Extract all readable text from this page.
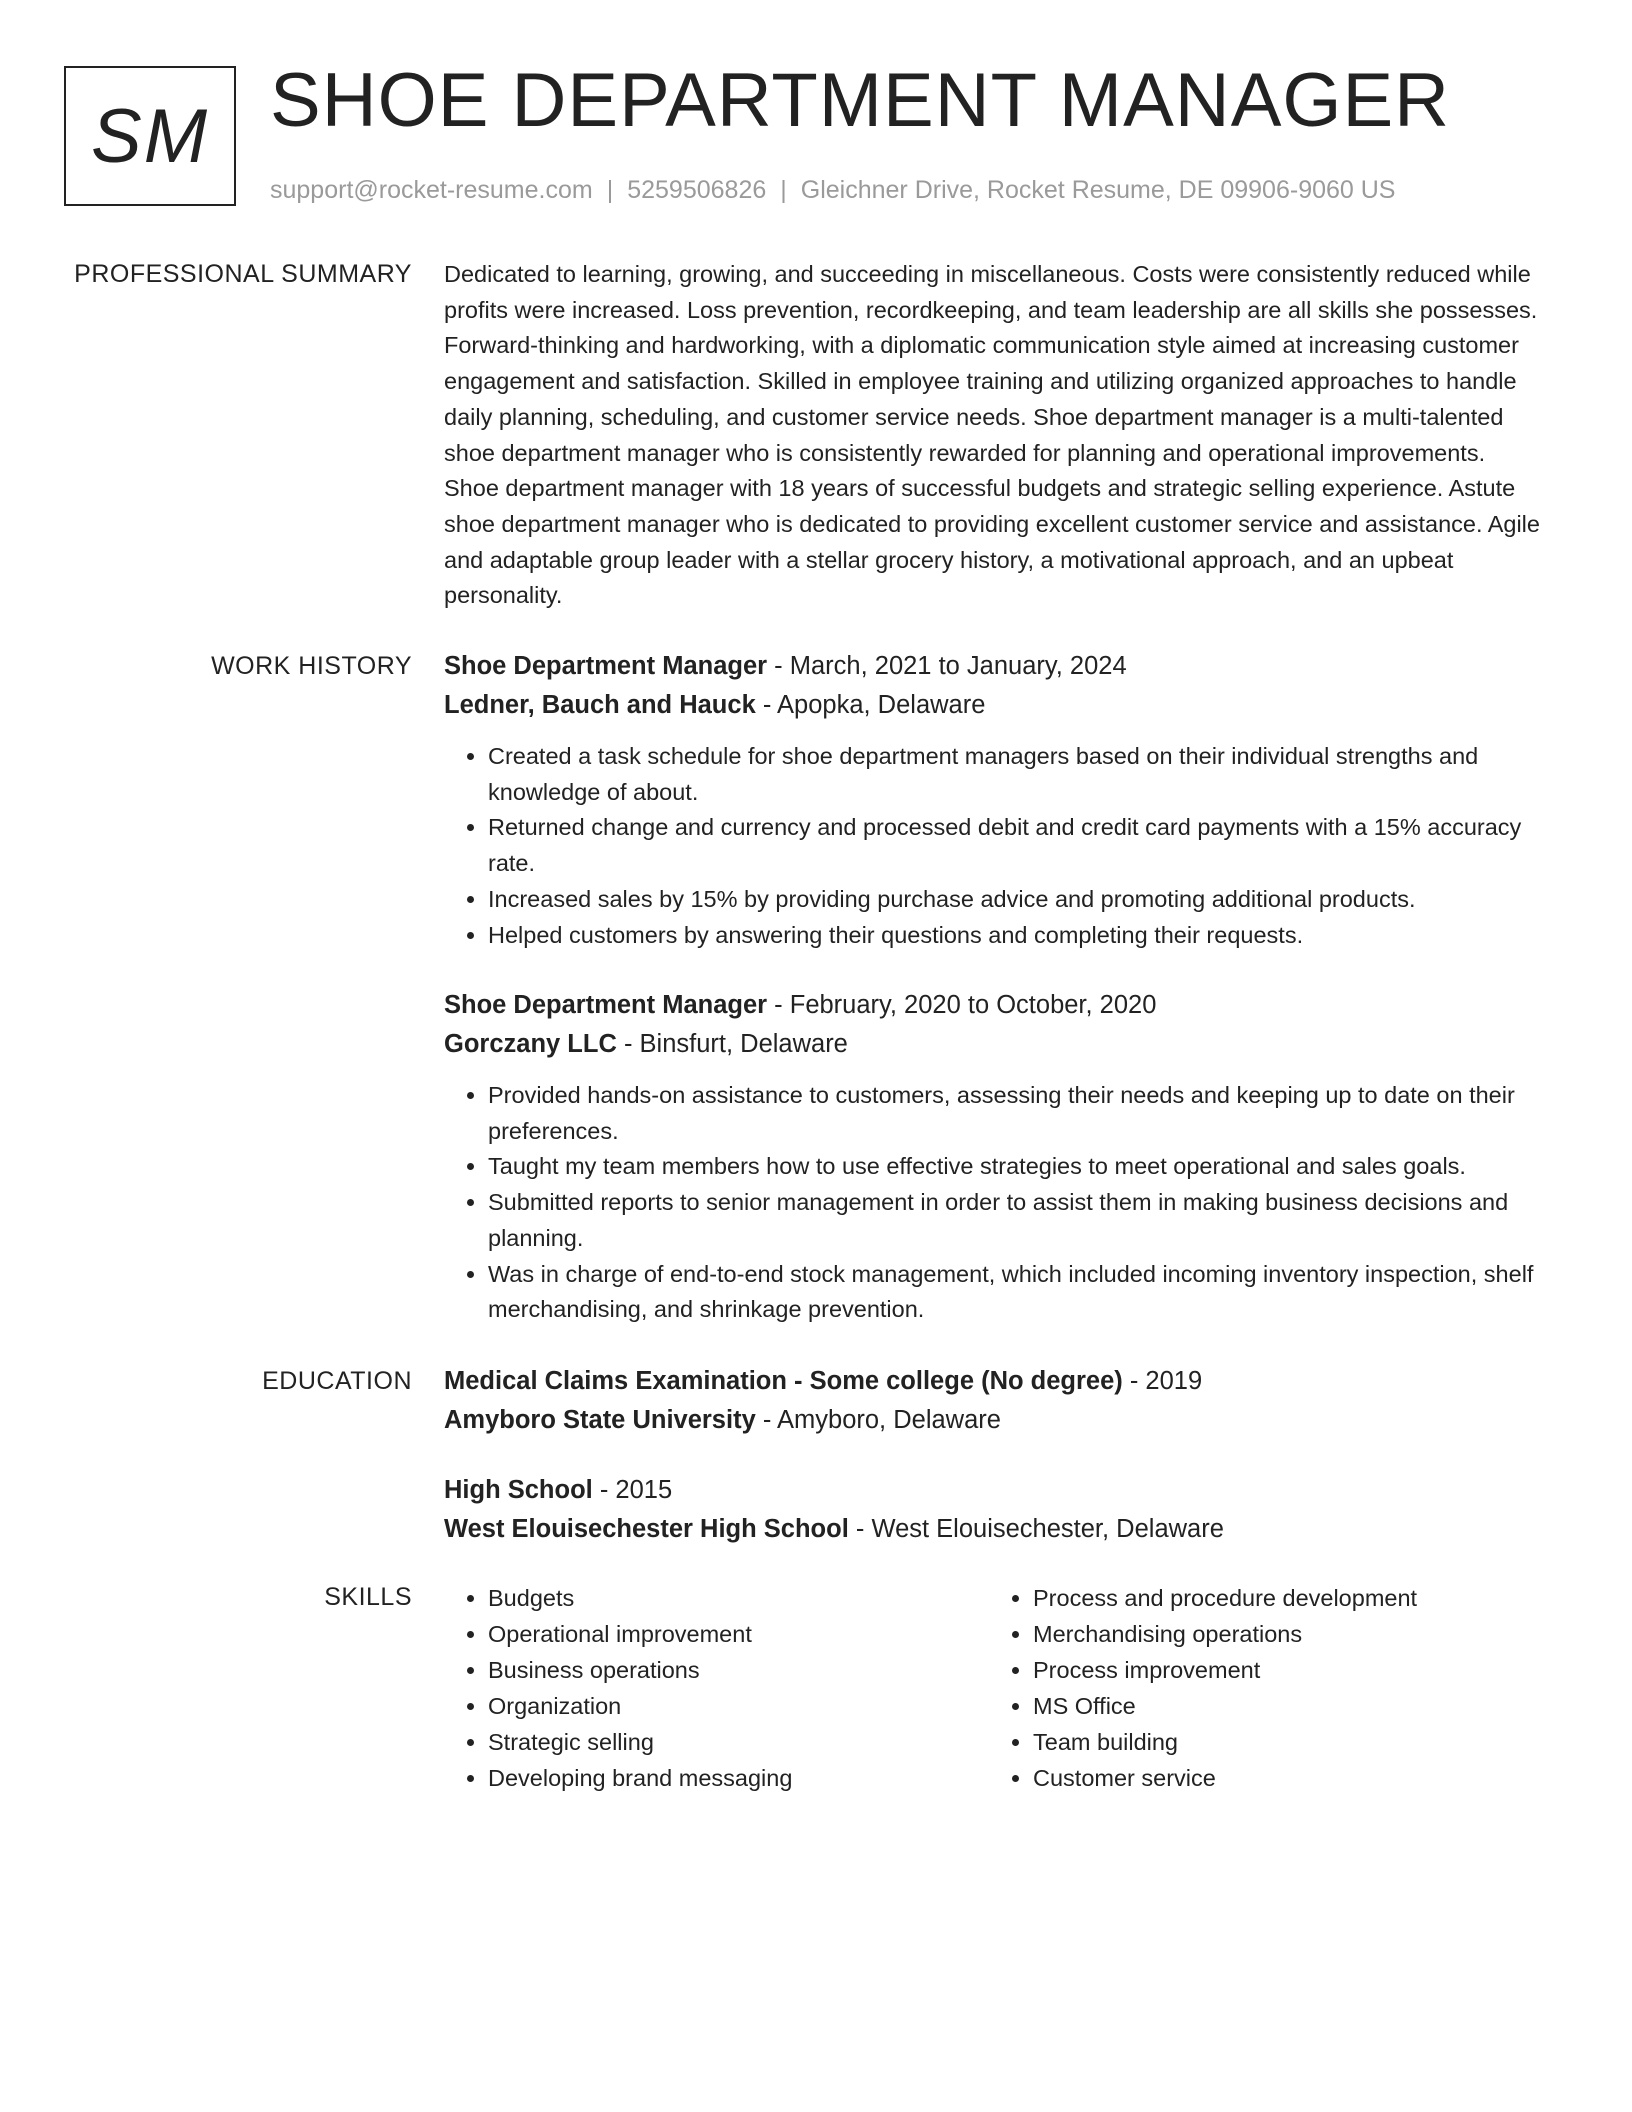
SM SHOE DEPARTMENT MANAGER
support@rocket-resume.com | 5259506826 | Gleichner Drive, Rocket Resume, DE 09906-9060 US
PROFESSIONAL SUMMARY Dedicated to learning, growing, and succeeding in miscellaneous. Costs were consistently reduced while profits were increased. Loss prevention, recordkeeping, and team leadership are all skills she possesses. Forward-thinking and hardworking, with a diplomatic communication style aimed at increasing customer engagement and satisfaction. Skilled in employee training and utilizing organized approaches to handle daily planning, scheduling, and customer service needs. Shoe department manager is a multi-talented shoe department manager who is consistently rewarded for planning and operational improvements. Shoe department manager with 18 years of successful budgets and strategic selling experience. Astute shoe department manager who is dedicated to providing excellent customer service and assistance. Agile and adaptable group leader with a stellar grocery history, a motivational approach, and an upbeat personality.

WORK HISTORY Shoe Department Manager - March, 2021 to January, 2024
Ledner, Bauch and Hauck - Apopka, Delaware
• Created a task schedule for shoe department managers based on their individual strengths and knowledge of about.
• Returned change and currency and processed debit and credit card payments with a 15% accuracy rate.
• Increased sales by 15% by providing purchase advice and promoting additional products.
• Helped customers by answering their questions and completing their requests.
Shoe Department Manager - February, 2020 to October, 2020
Gorczany LLC - Binsfurt, Delaware
• Provided hands-on assistance to customers, assessing their needs and keeping up to date on their preferences.
• Taught my team members how to use effective strategies to meet operational and sales goals.
• Submitted reports to senior management in order to assist them in making business decisions and planning.
• Was in charge of end-to-end stock management, which included incoming inventory inspection, shelf merchandising, and shrinkage prevention.
EDUCATION Medical Claims Examination - Some college (No degree) - 2019
Amyboro State University - Amyboro, Delaware
High School - 2015
West Elouisechester High School - West Elouisechester, Delaware
SKILLS
•	Budgets
• Operational improvement
• Business operations
• Organization
• Strategic selling
• Developing brand messaging
• Process and procedure development
• Merchandising operations
• Process improvement
• MS Office
• Team building
• Customer service
